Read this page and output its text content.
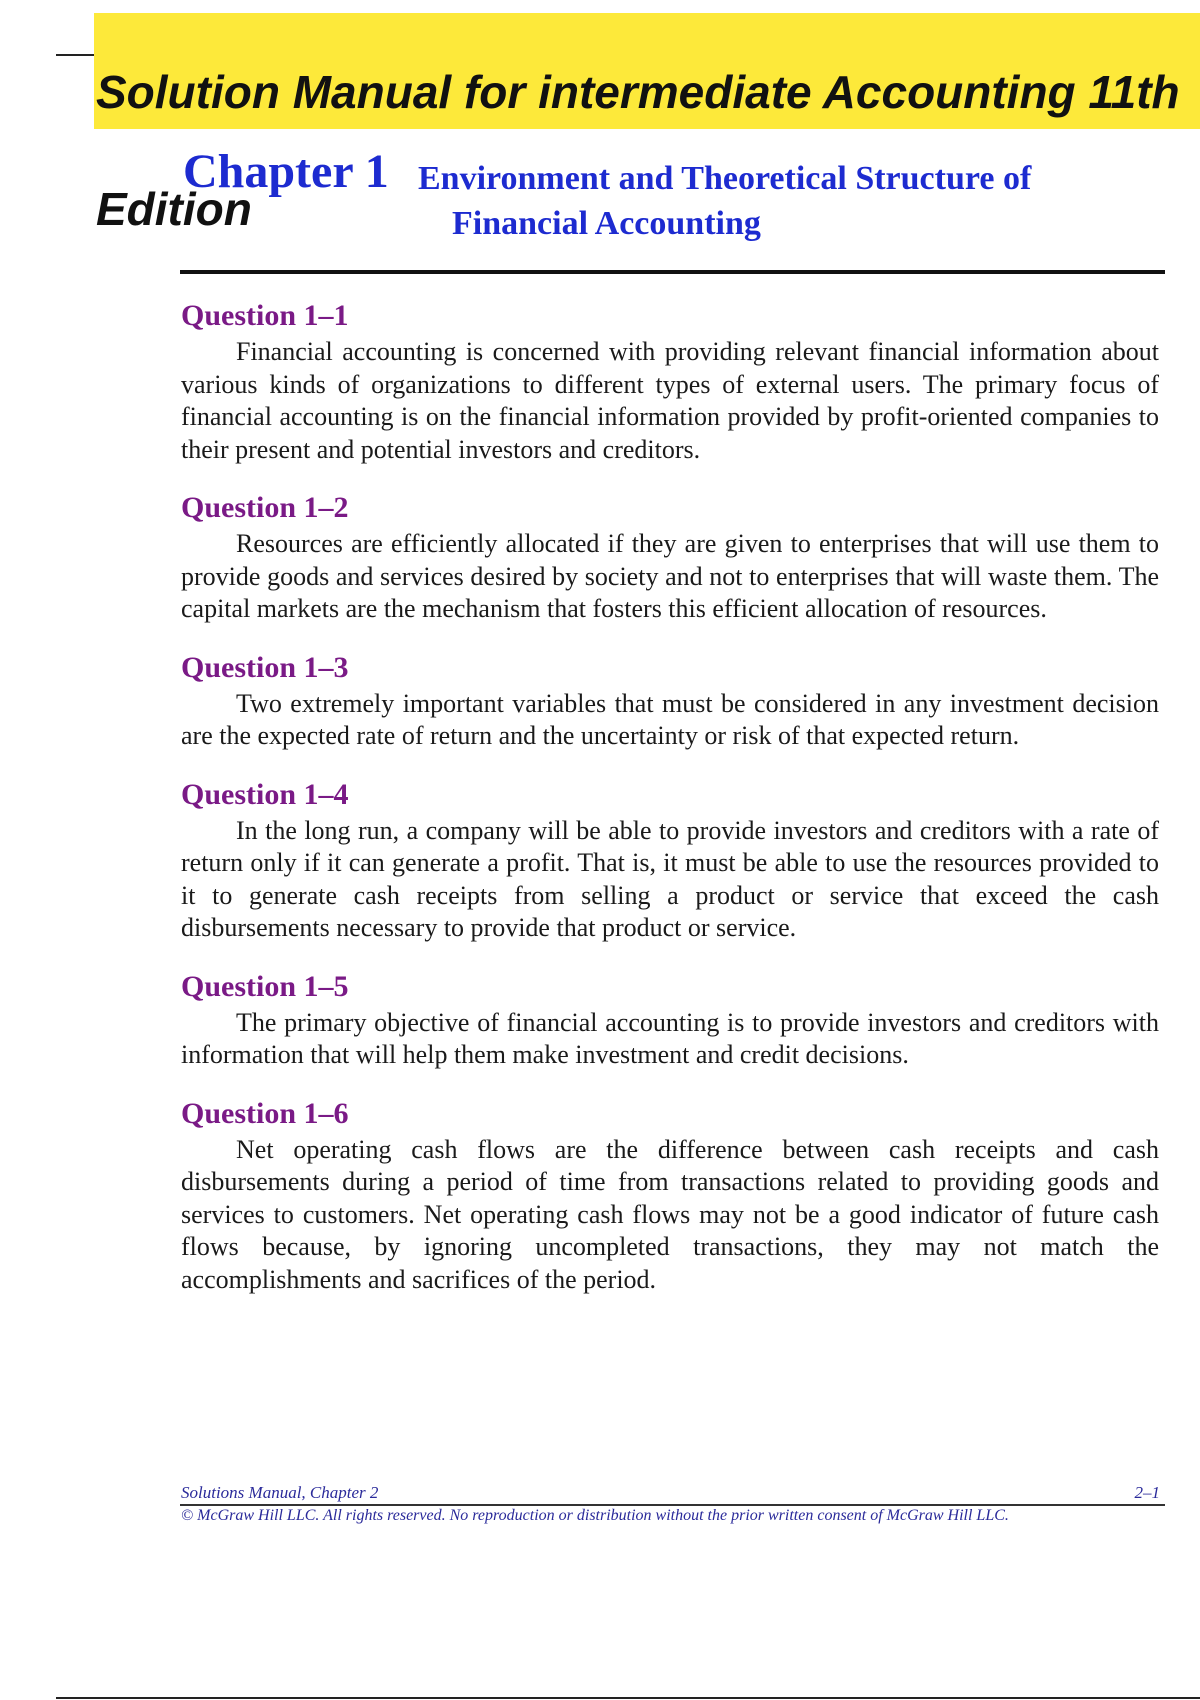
Solution Manual for intermediate Accounting 11th
Edition
Chapter 1 Environment and Theoretical Structure of
Financial Accounting
Question 1–1

Financial accounting is concerned with providing relevant financial information about various kinds of organizations to different types of external users. The primary focus of financial accounting is on the financial information provided by profit-oriented companies to their present and potential investors and creditors.

Question 1–2

Resources are efficiently allocated if they are given to enterprises that will use them to provide goods and services desired by society and not to enterprises that will waste them. The capital markets are the mechanism that fosters this efficient allocation of resources.

Question 1–3

Two extremely important variables that must be considered in any investment decision are the expected rate of return and the uncertainty or risk of that expected return.

Question 1–4

In the long run, a company will be able to provide investors and creditors with a rate of return only if it can generate a profit. That is, it must be able to use the resources provided to it to generate cash receipts from selling a product or service that exceed the cash disbursements necessary to provide that product or service.

Question 1–5

The primary objective of financial accounting is to provide investors and creditors with information that will help them make investment and credit decisions.

Question 1–6

Net operating cash flows are the difference between cash receipts and cash disbursements during a period of time from transactions related to providing goods and services to customers. Net operating cash flows may not be a good indicator of future cash flows because, by ignoring uncompleted transactions, they may not match the accomplishments and sacrifices of the period.

Solutions Manual, Chapter 2	2–1
© McGraw Hill LLC. All rights reserved. No reproduction or distribution without the prior written consent of McGraw Hill LLC.
